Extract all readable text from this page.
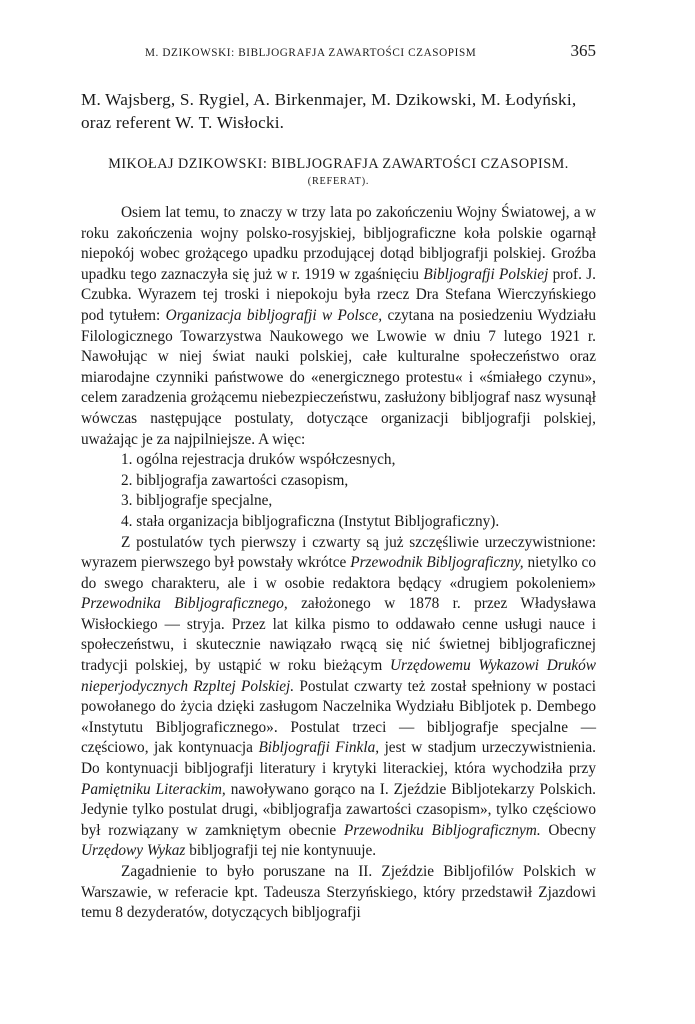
M. DZIKOWSKI: BIBLJOGRAFJA ZAWARTOŚCI CZASOPISM	365
M. Wajsberg, S. Rygiel, A. Birkenmajer, M. Dzikowski, M. Łodyński, oraz referent W. T. Wisłocki.
MIKOŁAJ DZIKOWSKI: BIBLJOGRAFJA ZAWARTOŚCI CZASOPISM.
(REFERAT).

Osiem lat temu, to znaczy w trzy lata po zakończeniu Wojny Światowej, a w roku zakończenia wojny polsko-rosyjskiej, bibljograficzne koła polskie ogarnął niepokój wobec grożącego upadku przodującej dotąd bibljografji polskiej. Groźba upadku tego zaznaczyła się już w r. 1919 w zgaśnięciu Bibljografji Polskiej prof. J. Czubka. Wyrazem tej troski i niepokoju była rzecz Dra Stefana Wierczyńskiego pod tytułem: Organizacja bibljografji w Polsce, czytana na posiedzeniu Wydziału Filologicznego Towarzystwa Naukowego we Lwowie w dniu 7 lutego 1921 r. Nawołując w niej świat nauki polskiej, całe kulturalne społeczeństwo oraz miarodajne czynniki państwowe do «energicznego protestu« i «śmiałego czynu», celem zaradzenia grożącemu niebezpieczeństwu, zasłużony bibljograf nasz wysunął wówczas następujące postulaty, dotyczące organizacji bibljografji polskiej, uważając je za najpilniejsze. A więc:

1. ogólna rejestracja druków współczesnych,
2. bibljografja zawartości czasopism,
3. bibljografje specjalne,
4. stała organizacja bibljograficzna (Instytut Bibljograficzny).

Z postulatów tych pierwszy i czwarty są już szczęśliwie urzeczywistnione: wyrazem pierwszego był powstały wkrótce Przewodnik Bibljograficzny, nietylko co do swego charakteru, ale i w osobie redaktora będący «drugiem pokoleniem» Przewodnika Bibljograficznego, założonego w 1878 r. przez Władysława Wisłockiego — stryja. Przez lat kilka pismo to oddawało cenne usługi nauce i społeczeństwu, i skutecznie nawiązało rwącą się nić świetnej bibljograficznej tradycji polskiej, by ustąpić w roku bieżącym Urzędowemu Wykazowi Druków nieperjodycznych Rzpltej Polskiej. Postulat czwarty też został spełniony w postaci powołanego do życia dzięki zasługom Naczelnika Wydziału Bibljotek p. Dembego «Instytutu Bibljograficznego». Postulat trzeci — bibljografje specjalne — częściowo, jak kontynuacja Bibljografji Finkla, jest w stadjum urzeczywistnienia. Do kontynuacji bibljografji literatury i krytyki literackiej, która wychodziła przy Pamiętniku Literackim, nawoływano gorąco na I. Zjeździe Bibljotekarzy Polskich. Jedynie tylko postulat drugi, «bibljografja zawartości czasopism», tylko częściowo był rozwiązany w zamkniętym obecnie Przewodniku Bibljograficznym. Obecny Urzędowy Wykaz bibljografji tej nie kontynuuje.

Zagadnienie to było poruszane na II. Zjeździe Bibljofilów Polskich w Warszawie, w referacie kpt. Tadeusza Sterzyńskiego, który przedstawił Zjazdowi temu 8 dezyderatów, dotyczących bibljografji
